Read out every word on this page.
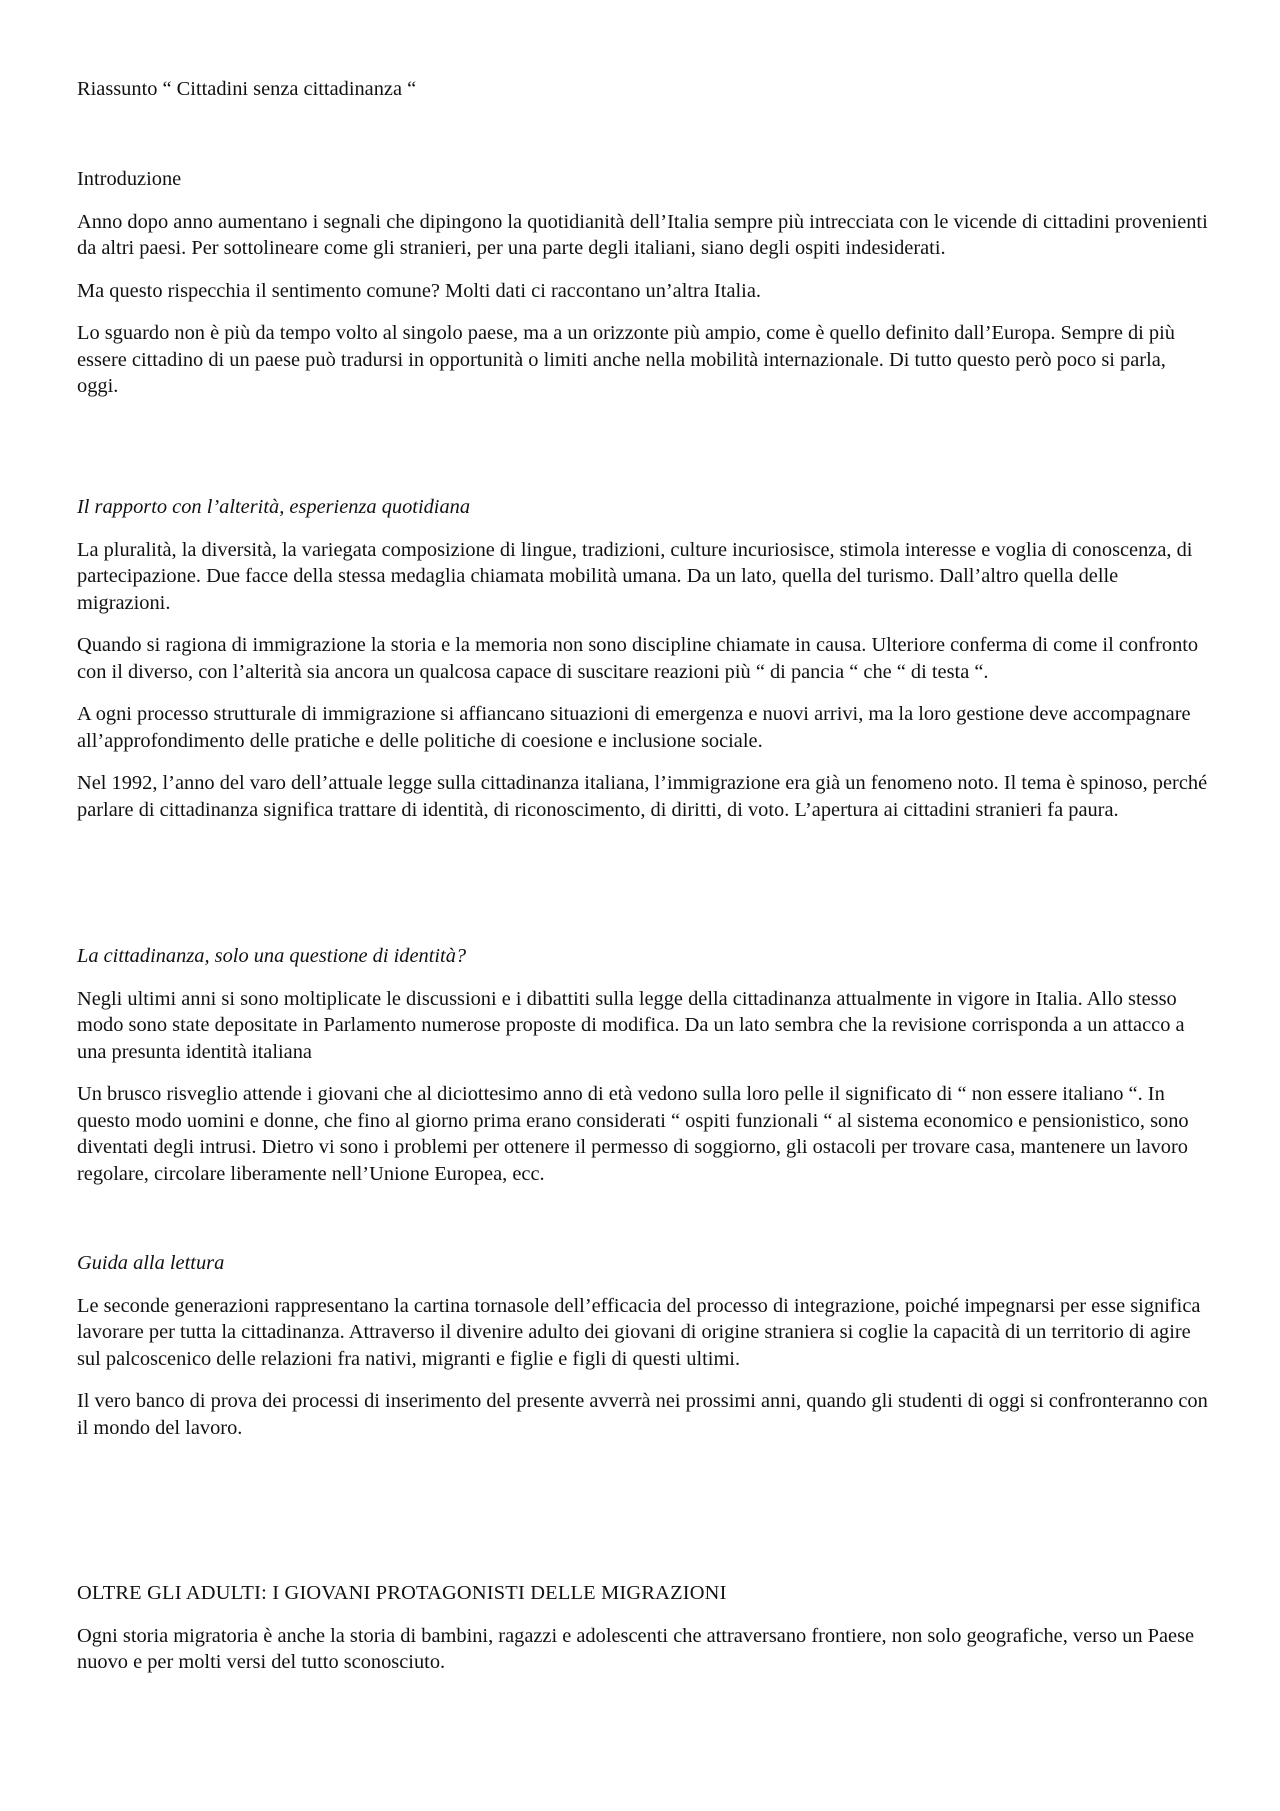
Riassunto “ Cittadini senza cittadinanza “
Introduzione

Anno dopo anno aumentano i segnali che dipingono la quotidianità dell’Italia sempre più intrecciata con le vicende di cittadini provenienti da altri paesi. Per sottolineare come gli stranieri, per una parte degli italiani, siano degli ospiti indesiderati.

Ma questo rispecchia il sentimento comune? Molti dati ci raccontano un’altra Italia.

Lo sguardo non è più da tempo volto al singolo paese, ma a un orizzonte più ampio, come è quello definito dall’Europa. Sempre di più essere cittadino di un paese può tradursi in opportunità o limiti anche nella mobilità internazionale. Di tutto questo però poco si parla, oggi.

Il rapporto con l’alterità, esperienza quotidiana

La pluralità, la diversità, la variegata composizione di lingue, tradizioni, culture incuriosisce, stimola interesse e voglia di conoscenza, di partecipazione. Due facce della stessa medaglia chiamata mobilità umana. Da un lato, quella del turismo. Dall’altro quella delle migrazioni.

Quando si ragiona di immigrazione la storia e la memoria non sono discipline chiamate in causa. Ulteriore conferma di come il confronto con il diverso, con l’alterità sia ancora un qualcosa capace di suscitare reazioni più “ di pancia “ che “ di testa “.

A ogni processo strutturale di immigrazione si affiancano situazioni di emergenza e nuovi arrivi, ma la loro gestione deve accompagnare all’approfondimento delle pratiche e delle politiche di coesione e inclusione sociale.

Nel 1992, l’anno del varo dell’attuale legge sulla cittadinanza italiana, l’immigrazione era già un fenomeno noto. Il tema è spinoso, perché parlare di cittadinanza significa trattare di identità, di riconoscimento, di diritti, di voto. L’apertura ai cittadini stranieri fa paura.

La cittadinanza, solo una questione di identità?

Negli ultimi anni si sono moltiplicate le discussioni e i dibattiti sulla legge della cittadinanza attualmente in vigore in Italia. Allo stesso modo sono state depositate in Parlamento numerose proposte di modifica. Da un lato sembra che la revisione corrisponda a un attacco a una presunta identità italiana

Un brusco risveglio attende i giovani che al diciottesimo anno di età vedono sulla loro pelle il significato di “ non essere italiano “. In questo modo uomini e donne, che fino al giorno prima erano considerati “ ospiti funzionali “ al sistema economico e pensionistico, sono diventati degli intrusi. Dietro vi sono i problemi per ottenere il permesso di soggiorno, gli ostacoli per trovare casa, mantenere un lavoro regolare, circolare liberamente nell’Unione Europea, ecc.

Guida alla lettura

Le seconde generazioni rappresentano la cartina tornasole dell’efficacia del processo di integrazione, poiché impegnarsi per esse significa lavorare per tutta la cittadinanza. Attraverso il divenire adulto dei giovani di origine straniera si coglie la capacità di un territorio di agire sul palcoscenico delle relazioni fra nativi, migranti e figlie e figli di questi ultimi.

Il vero banco di prova dei processi di inserimento del presente avverrà nei prossimi anni, quando gli studenti di oggi si confronteranno con il mondo del lavoro.

OLTRE GLI ADULTI: I GIOVANI PROTAGONISTI DELLE MIGRAZIONI

Ogni storia migratoria è anche la storia di bambini, ragazzi e adolescenti che attraversano frontiere, non solo geografiche, verso un Paese nuovo e per molti versi del tutto sconosciuto.
